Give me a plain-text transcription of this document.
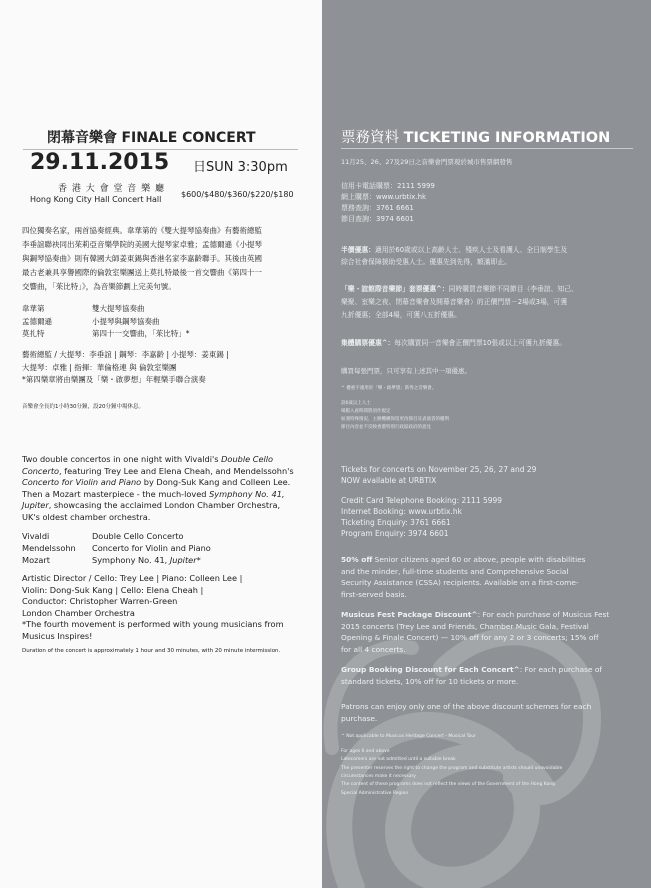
閉幕音樂會 FINALE CONCERT
29.11.2015 日SUN 3:30pm
香 港 大 會 堂 音 樂 廳
Hong Kong City Hall Concert Hall
$600/$480/$360/$220/$180
四位獨奏名家，兩首協奏經典。韋華第的《雙大提琴協奏曲》有藝術總監
李垂誼聯袂同出茱莉亞音樂學院的美國大提琴家卓雅；孟德爾遜《小提琴
與鋼琴協奏曲》則有韓國大師姜東錫與香港名家李嘉齡聯手。其後由英國
最古老兼具享譽國際的倫敦室樂團送上莫扎特最後一首交響曲《第四十一
交響曲，「茱比特」》，為音樂節劃上完美句號。
韋華第	雙大提琴協奏曲
孟德爾遜	小提琴與鋼琴協奏曲
莫扎特	第四十一交響曲，「茱比特」*
藝術總監 / 大提琴：李垂誼 | 鋼琴：李嘉齡 | 小提琴：姜東錫 |
大提琴：卓雅 | 指揮：華倫格連 與 倫敦室樂團
*第四樂章將由樂團及「樂・啟夢想」年輕樂手聯合演奏
音樂會全長約1小時30分鐘，設20分鐘中場休息。
Two double concertos in one night with Vivaldi's Double Cello
Concerto, featuring Trey Lee and Elena Cheah, and Mendelssohn's
Concerto for Violin and Piano by Dong-Suk Kang and Colleen Lee.
Then a Mozart masterpiece - the much-loved Symphony No. 41,
Jupiter, showcasing the acclaimed London Chamber Orchestra,
UK's oldest chamber orchestra.
Vivaldi	Double Cello Concerto
Mendelssohn Concerto for Violin and Piano
Mozart	Symphony No. 41, Jupiter*
Artistic Director / Cello: Trey Lee | Piano: Colleen Lee |
Violin: Dong-Suk Kang | Cello: Elena Cheah |
Conductor: Christopher Warren-Green
London Chamber Orchestra
*The fourth movement is performed with young musicians from
Musicus Inspires!
Duration of the concert is approximately 1 hour and 30 minutes, with 20 minute intermission.
票務資料 TICKETING INFORMATION
11月25、26、27及29日之音樂會門票現於城市售票網發售
信用卡電話購票：2111 5999
網上購票：www.urbtix.hk
票務查詢：3761 6661
節目查詢：3974 6601
半價優惠：適用於60歲或以上高齡人士、殘疾人士及看護人、全日制學生及
綜合社會保障援助受惠人士。優惠先到先得，額滿即止。
「樂・誼館際音樂節」套票優惠^：同時購買音樂節不同節目（李垂誼、知己、
樂聚、室樂之夜、閉幕音樂會及開幕音樂會）的正價門票－2場或3場，可獲
九折優惠；全部4場，可獲八五折優惠。
集體購票優惠^：每次購買同一音樂會正價門票10張或以上可獲九折優惠。
購買每張門票，只可享有上述其中一項優惠。
^ 優惠不適用於「樂・啟夢想」新秀之音樂會。
設6歲以上人士
場館入座時間將須作規定
如遇特殊情況，主辦機構保留更改節目及表演者的權利
節目內容並不反映香港特別行政區政府的意見
Tickets for concerts on November 25, 26, 27 and 29
NOW available at URBTIX
Credit Card Telephone Booking: 2111 5999
Internet Booking: www.urbtix.hk
Ticketing Enquiry: 3761 6661
Program Enquiry: 3974 6601
50% off Senior citizens aged 60 or above, people with disabilities
and the minder, full-time students and Comprehensive Social
Security Assistance (CSSA) recipients. Available on a first-come-
first-served basis.
Musicus Fest Package Discount^: For each purchase of Musicus Fest
2015 concerts (Trey Lee and Friends, Chamber Music Gala, Festival
Opening & Finale Concert) — 10% off for any 2 or 3 concerts; 15% off
for all 4 concerts.
Group Booking Discount for Each Concert^: For each purchase of
standard tickets, 10% off for 10 tickets or more.
Patrons can enjoy only one of the above discount schemes for each
purchase.
^ Not applicable to Musicus Heritage Concert - Musical Tour
For ages 6 and above
Latecomers are not admitted until a suitable break
The presenter reserves the right to change the program and substitute artists should unavoidable
circumstances make it necessary
The content of these programs does not reflect the views of the Government of the Hong Kong
Special Administrative Region
